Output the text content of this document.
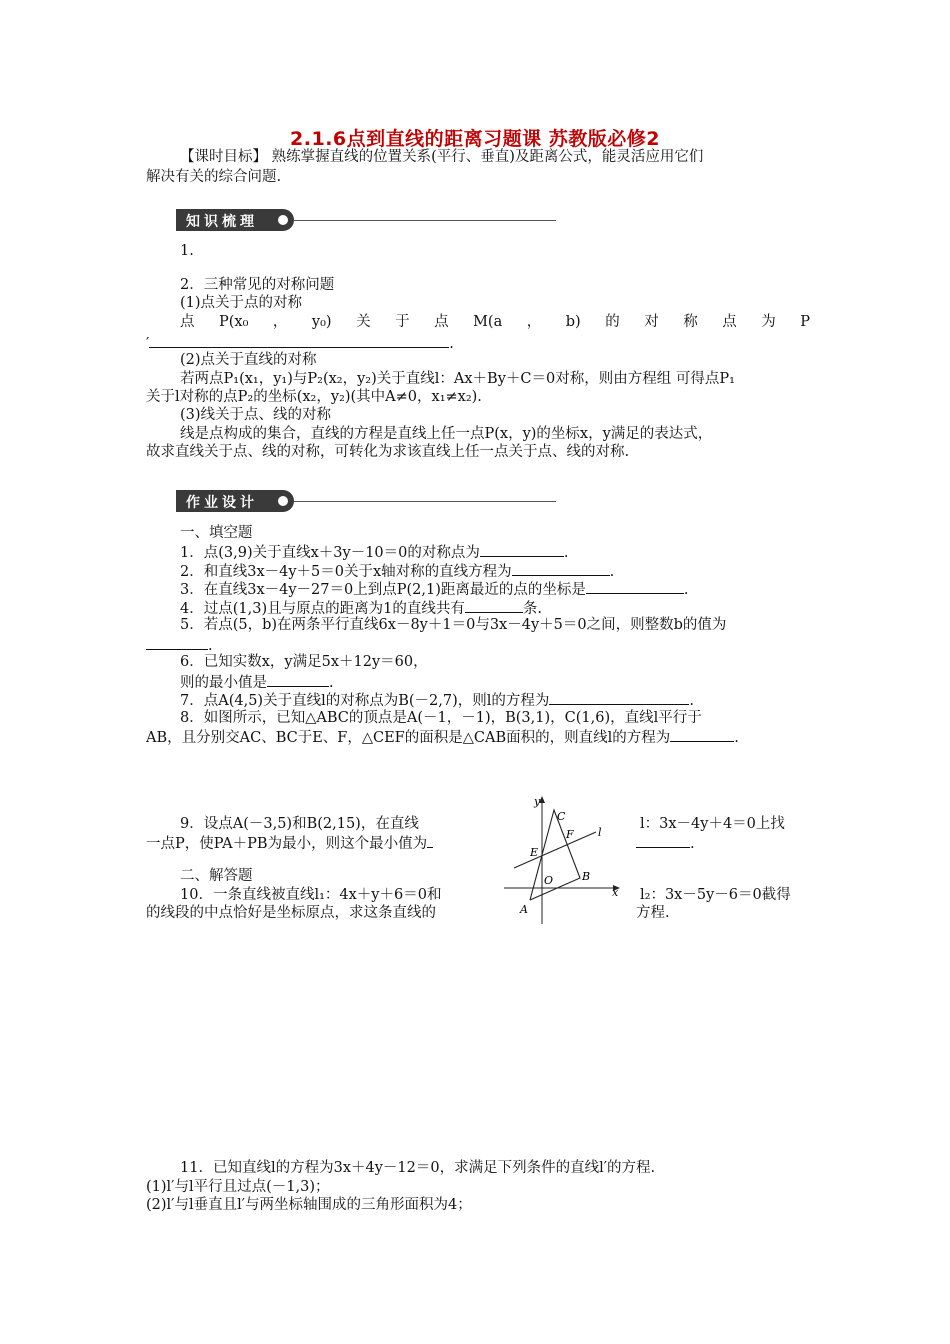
2.1.6点到直线的距离习题课 苏教版必修2
【课时目标】 熟练掌握直线的位置关系(平行、垂直)及距离公式，能灵活应用它们
解决有关的综合问题.
知识梳理
1.
2．三种常见的对称问题
(1)点关于点的对称
点 P(x₀ ， y₀) 关 于 点 M(a ， b) 的 对 称 点 为 P
′	.
(2)点关于直线的对称
若两点P₁(x₁，y₁)与P₂(x₂，y₂)关于直线l：Ax＋By＋C＝0对称，则由方程组 可得点P₁
关于l对称的点P₂的坐标(x₂，y₂)(其中A≠0，x₁≠x₂).
(3)线关于点、线的对称
线是点构成的集合，直线的方程是直线上任一点P(x，y)的坐标x，y满足的表达式，
故求直线关于点、线的对称，可转化为求该直线上任一点关于点、线的对称.
作业设计
一、填空题
1．点(3,9)关于直线x＋3y－10＝0的对称点为	.
2．和直线3x－4y＋5＝0关于x轴对称的直线方程为	.
3．在直线3x－4y－27＝0上到点P(2,1)距离最近的点的坐标是	.
4．过点(1,3)且与原点的距离为1的直线共有	条.
5．若点(5，b)在两条平行直线6x－8y＋1＝0与3x－4y＋5＝0之间，则整数b的值为
.
6．已知实数x，y满足5x＋12y＝60，
则的最小值是	.
7．点A(4,5)关于直线l的对称点为B(－2,7)，则l的方程为	.
8．如图所示，已知△ABC的顶点是A(－1，－1)，B(3,1)，C(1,6)，直线l平行于
AB，且分别交AC、BC于E、F，△CEF的面积是△CAB面积的，则直线l的方程为	.
9．设点A(－3,5)和B(2,15)，在直线
一点P，使PA＋PB为最小，则这个最小值为
l：3x－4y＋4＝0上找
.
二、解答题
10．一条直线被直线l₁：4x＋y＋6＝0和
的线段的中点恰好是坐标原点，求这条直线的
l₂：3x－5y－6＝0截得
方程.
y
x
C
F l
E
O	B
A
11．已知直线l的方程为3x＋4y－12＝0，求满足下列条件的直线l′的方程.
(1)l′与l平行且过点(－1,3)；
(2)l′与l垂直且l′与两坐标轴围成的三角形面积为4；
